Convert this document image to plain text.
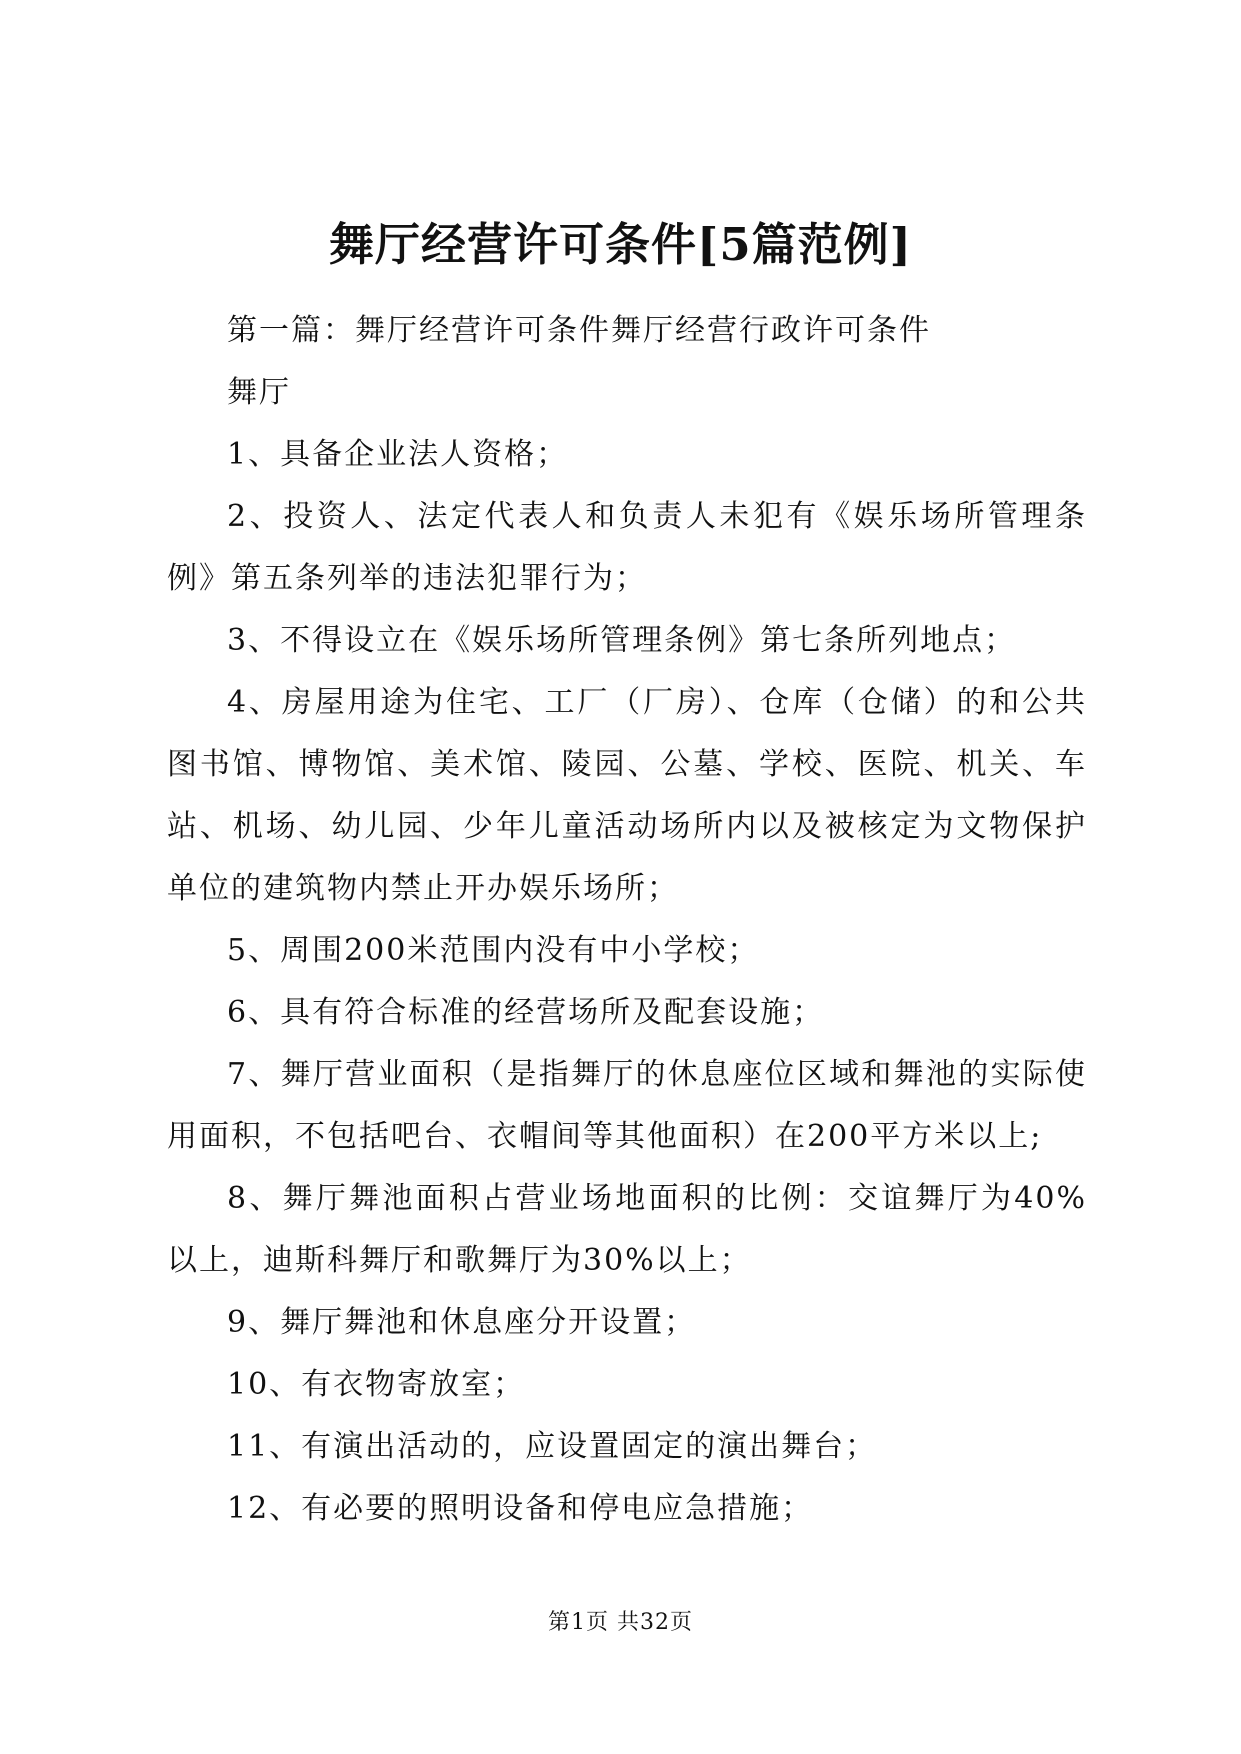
舞厅经营许可条件[5篇范例]

第一篇：舞厅经营许可条件舞厅经营行政许可条件

舞厅

1、具备企业法人资格；

2、投资人、法定代表人和负责人未犯有《娱乐场所管理条例》第五条列举的违法犯罪行为；

3、不得设立在《娱乐场所管理条例》第七条所列地点；

4、房屋用途为住宅、工厂（厂房）、仓库（仓储）的和公共图书馆、博物馆、美术馆、陵园、公墓、学校、医院、机关、车站、机场、幼儿园、少年儿童活动场所内以及被核定为文物保护单位的建筑物内禁止开办娱乐场所；

5、周围200米范围内没有中小学校；

6、具有符合标准的经营场所及配套设施；

7、舞厅营业面积（是指舞厅的休息座位区域和舞池的实际使用面积，不包括吧台、衣帽间等其他面积）在200平方米以上;

8、舞厅舞池面积占营业场地面积的比例：交谊舞厅为40%以上，迪斯科舞厅和歌舞厅为30%以上；

9、舞厅舞池和休息座分开设置；

10、有衣物寄放室；

11、有演出活动的，应设置固定的演出舞台；

12、有必要的照明设备和停电应急措施；

第1页 共32页
